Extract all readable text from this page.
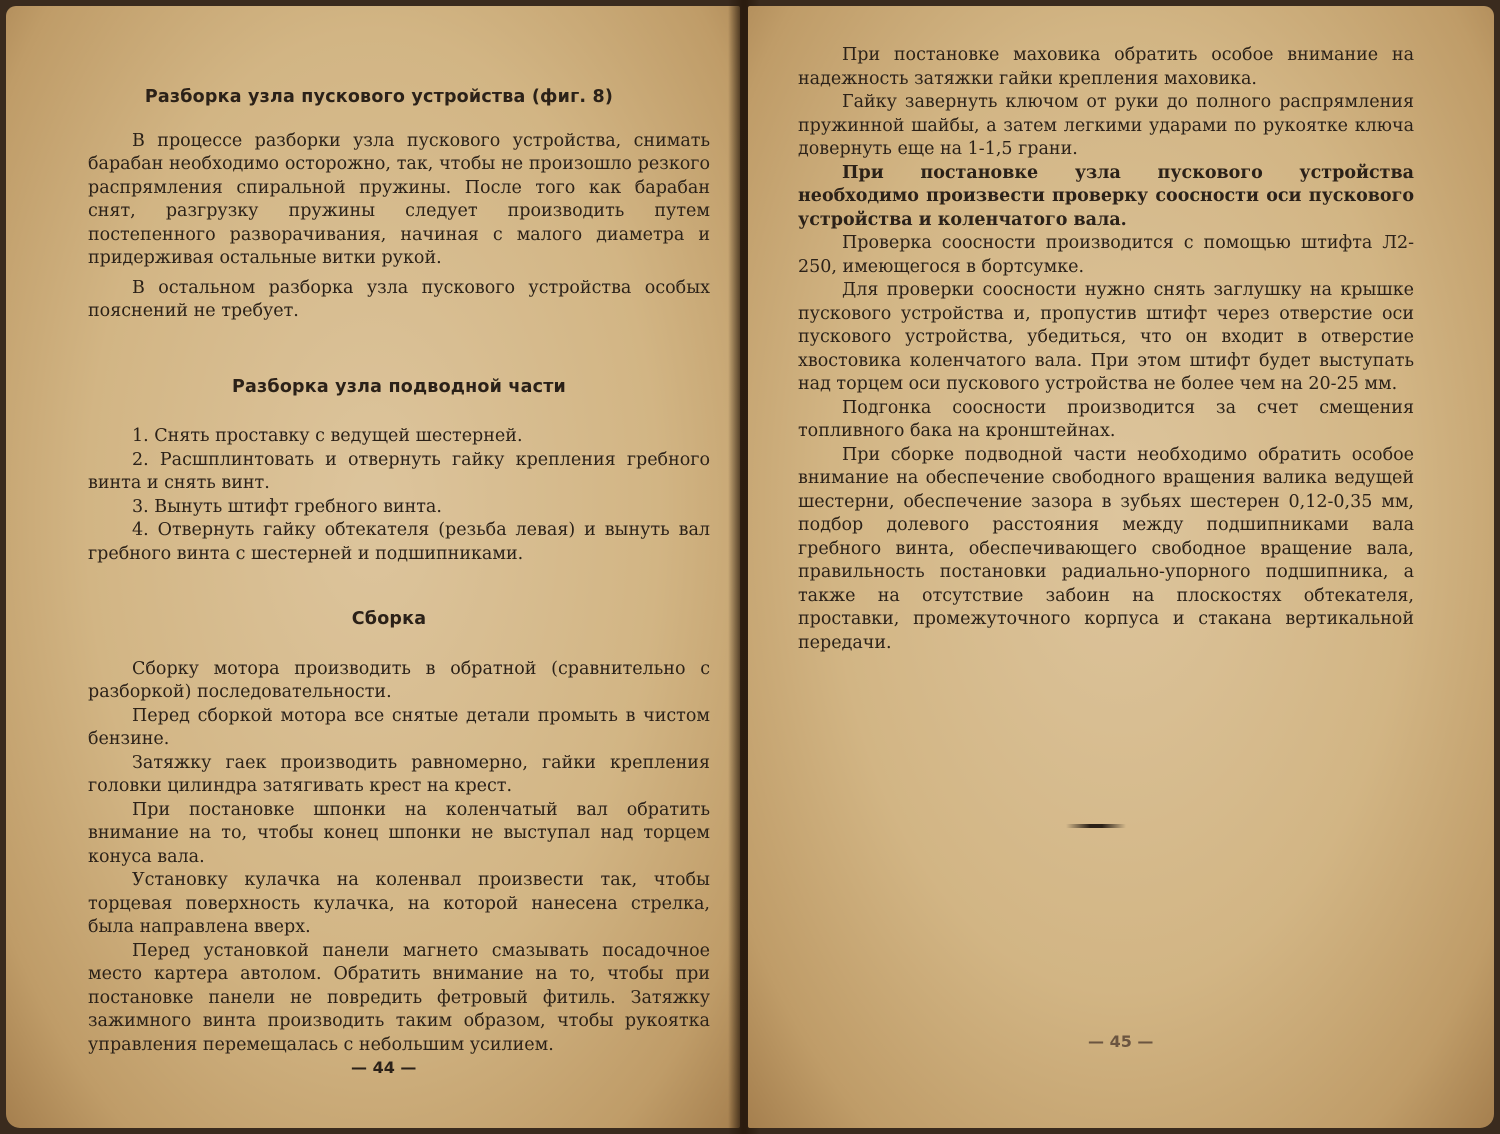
Разборка узла пускового устройства (фиг. 8)

В процессе разборки узла пускового устройства, снимать барабан необходимо осторожно, так, чтобы не произошло резкого распрямления спиральной пружины. После того как барабан снят, разгрузку пружины следует производить путем постепенного разворачивания, начиная с малого диаметра и придерживая остальные витки рукой.

В остальном разборка узла пускового устройства особых пояснений не требует.

Разборка узла подводной части

1. Снять проставку с ведущей шестерней.

2. Расшплинтовать и отвернуть гайку крепления гребного винта и снять винт.

3. Вынуть штифт гребного винта.

4. Отвернуть гайку обтекателя (резьба левая) и вынуть вал гребного винта с шестерней и подшипниками.

Сборка

Сборку мотора производить в обратной (сравнительно с разборкой) последовательности.

Перед сборкой мотора все снятые детали промыть в чистом бензине.

Затяжку гаек производить равномерно, гайки крепления головки цилиндра затягивать крест на крест.

При постановке шпонки на коленчатый вал обратить внимание на то, чтобы конец шпонки не выступал над торцем конуса вала.

Установку кулачка на коленвал произвести так, чтобы торцевая поверхность кулачка, на которой нанесена стрелка, была направлена вверх.

Перед установкой панели магнето смазывать посадочное место картера автолом. Обратить внимание на то, чтобы при постановке панели не повредить фетровый фитиль. Затяжку зажимного винта производить таким образом, чтобы рукоятка управления перемещалась с небольшим усилием.

— 44 —

При постановке маховика обратить особое внимание на надежность затяжки гайки крепления маховика.

Гайку завернуть ключом от руки до полного распрямления пружинной шайбы, а затем легкими ударами по рукоятке ключа довернуть еще на 1-1,5 грани.

При постановке узла пускового устройства необходимо произвести проверку соосности оси пускового устройства и коленчатого вала.

Проверка соосности производится с помощью штифта Л2-250, имеющегося в бортсумке.

Для проверки соосности нужно снять заглушку на крышке пускового устройства и, пропустив штифт через отверстие оси пускового устройства, убедиться, что он входит в отверстие хвостовика коленчатого вала. При этом штифт будет выступать над торцем оси пускового устройства не более чем на 20-25 мм.

Подгонка соосности производится за счет смещения топливного бака на кронштейнах.

При сборке подводной части необходимо обратить особое внимание на обеспечение свободного вращения валика ведущей шестерни, обеспечение зазора в зубьях шестерен 0,12-0,35 мм, подбор долевого расстояния между подшипниками вала гребного винта, обеспечивающего свободное вращение вала, правильность постановки радиально-упорного подшипника, а также на отсутствие забоин на плоскостях обтекателя, проставки, промежуточного корпуса и стакана вертикальной передачи.

— 45 —
